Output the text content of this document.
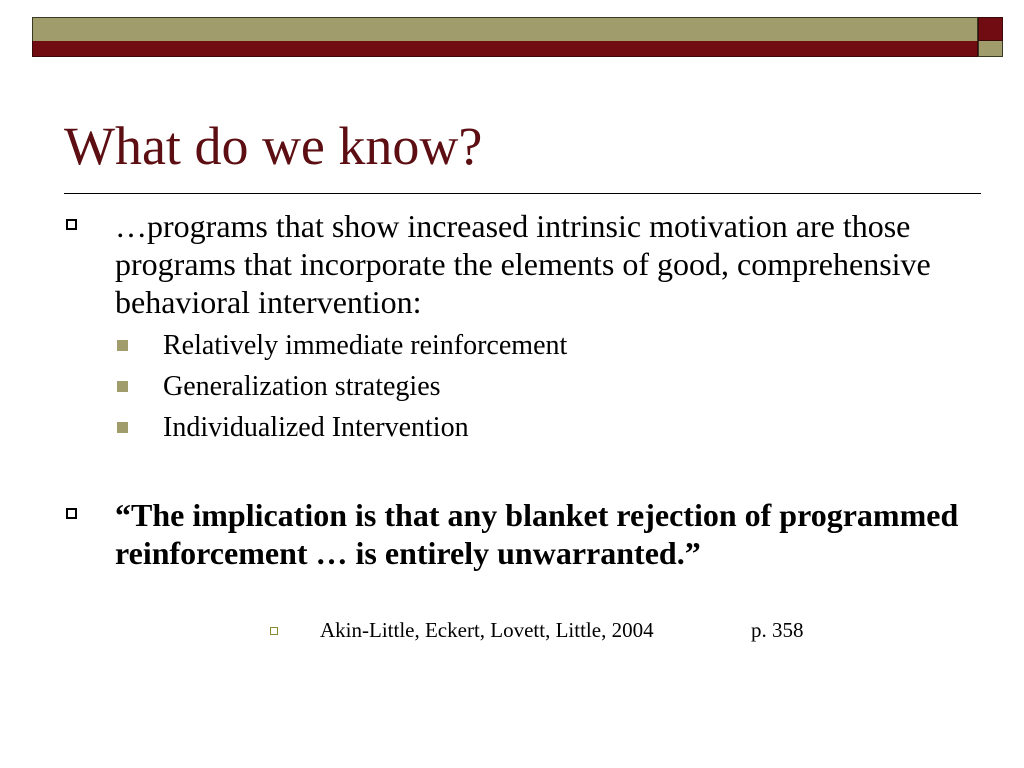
What do we know?
…programs that show increased intrinsic motivation are those programs that incorporate the elements of good, comprehensive behavioral intervention:
Relatively immediate reinforcement
Generalization strategies
Individualized Intervention
“The implication is that any blanket rejection of programmed reinforcement … is entirely unwarranted.”
Akin-Little, Eckert, Lovett, Little, 2004	p. 358
